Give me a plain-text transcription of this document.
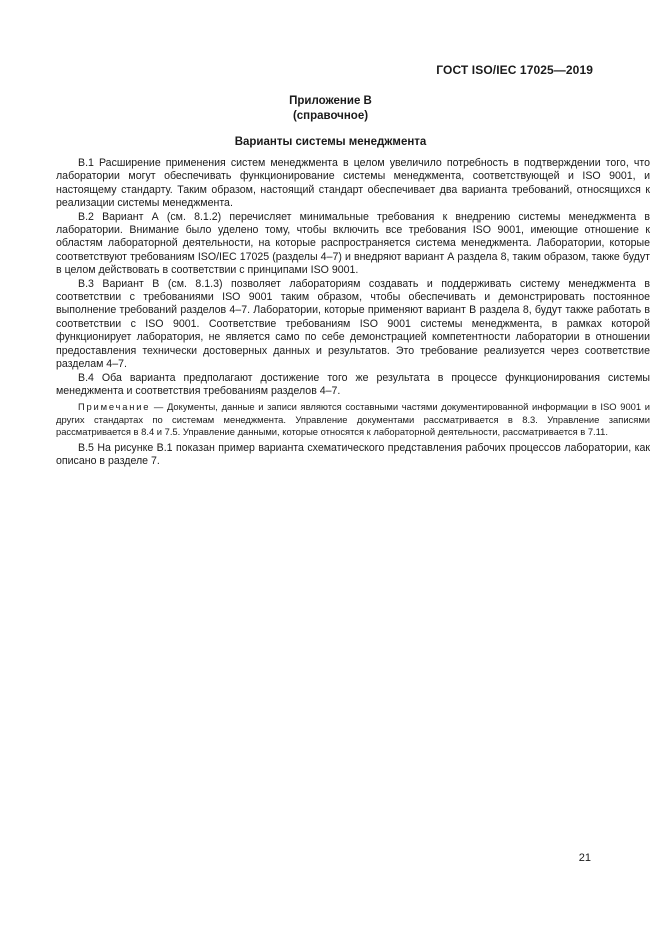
ГОСТ ISO/IEC 17025—2019
Приложение В
(справочное)
Варианты системы менеджмента

В.1 Расширение применения систем менеджмента в целом увеличило потребность в подтверждении того, что лаборатории могут обеспечивать функционирование системы менеджмента, соответствующей и ISO 9001, и настоящему стандарту. Таким образом, настоящий стандарт обеспечивает два варианта требований, относящихся к реализации системы менеджмента.

В.2 Вариант А (см. 8.1.2) перечисляет минимальные требования к внедрению системы менеджмента в лаборатории. Внимание было уделено тому, чтобы включить все требования ISO 9001, имеющие отношение к областям лабораторной деятельности, на которые распространяется система менеджмента. Лаборатории, которые соответствуют требованиям ISO/IEC 17025 (разделы 4–7) и внедряют вариант А раздела 8, таким образом, также будут в целом действовать в соответствии с принципами ISO 9001.

В.3 Вариант В (см. 8.1.3) позволяет лабораториям создавать и поддерживать систему менеджмента в соответствии с требованиями ISO 9001 таким образом, чтобы обеспечивать и демонстрировать постоянное выполнение требований разделов 4–7. Лаборатории, которые применяют вариант В раздела 8, будут также работать в соответствии с ISO 9001. Соответствие требованиям ISO 9001 системы менеджмента, в рамках которой функционирует лаборатория, не является само по себе демонстрацией компетентности лаборатории в отношении предоставления технически достоверных данных и результатов. Это требование реализуется через соответствие разделам 4–7.

В.4 Оба варианта предполагают достижение того же результата в процессе функционирования системы менеджмента и соответствия требованиям разделов 4–7.

Примечание — Документы, данные и записи являются составными частями документированной информации в ISO 9001 и других стандартах по системам менеджмента. Управление документами рассматривается в 8.3. Управление записями рассматривается в 8.4 и 7.5. Управление данными, которые относятся к лабораторной деятельности, рассматривается в 7.11.

В.5 На рисунке В.1 показан пример варианта схематического представления рабочих процессов лаборатории, как описано в разделе 7.

21
